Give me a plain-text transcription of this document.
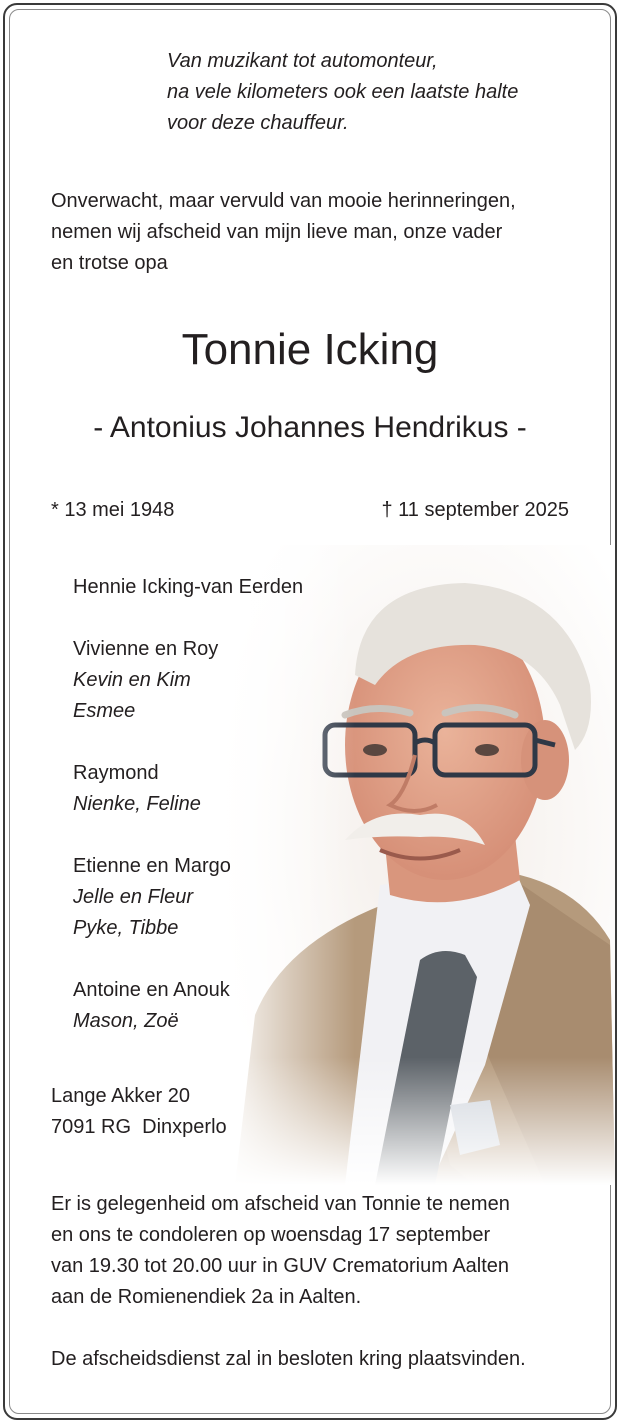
Van muzikant tot automonteur,
na vele kilometers ook een laatste halte
voor deze chauffeur.
Onverwacht, maar vervuld van mooie herinneringen,
nemen wij afscheid van mijn lieve man, onze vader
en trotse opa
Tonnie Icking
- Antonius Johannes Hendrikus -
* 13 mei 1948	† 11 september 2025
Hennie Icking-van Eerden
Vivienne en Roy
Kevin en Kim
Esmee
Raymond
Nienke, Feline
Etienne en Margo
Jelle en Fleur
Pyke, Tibbe
Antoine en Anouk
Mason, Zoë
Lange Akker 20
7091 RG  Dinxperlo
Er is gelegenheid om afscheid van Tonnie te nemen
en ons te condoleren op woensdag 17 september
van 19.30 tot 20.00 uur in GUV Crematorium Aalten
aan de Romienendiek 2a in Aalten.
De afscheidsdienst zal in besloten kring plaatsvinden.
